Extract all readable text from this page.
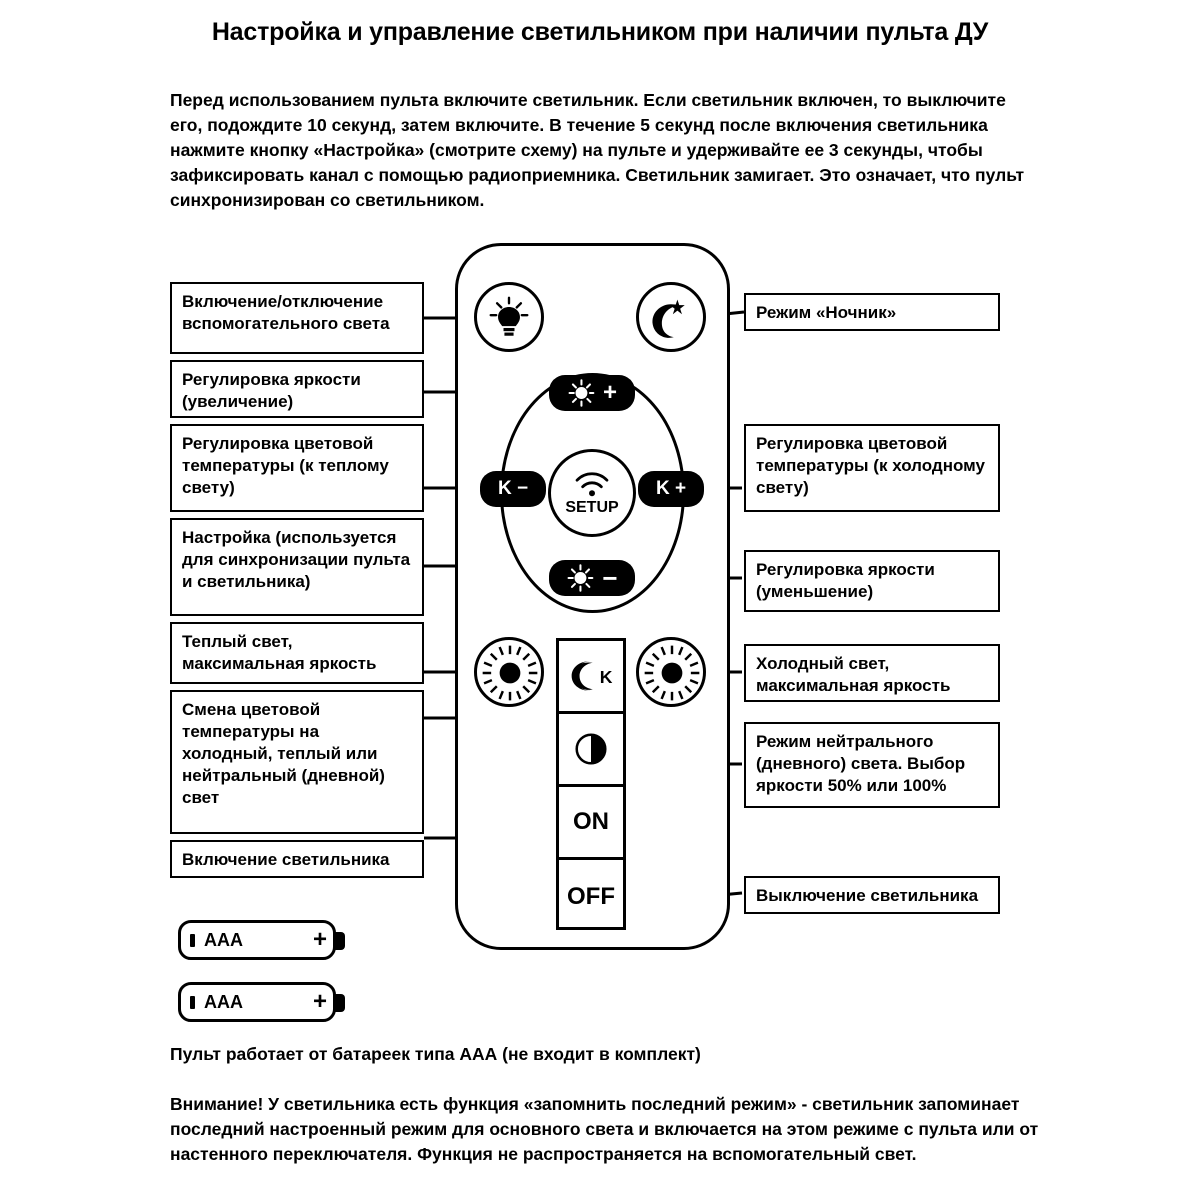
Настройка и управление светильником при наличии пульта ДУ
Перед использованием пульта включите светильник. Если светильник включен, то выключите его, подождите 10 секунд, затем включите. В течение 5 секунд после включения светильника нажмите кнопку «Настройка» (смотрите схему) на пульте и удерживайте ее 3 секунды, чтобы зафиксировать канал с помощью радиоприемника. Светильник замигает. Это означает, что пульт синхронизирован со светильником.
Включение/отключение вспомогательного света
Регулировка яркости (увеличение)
Регулировка цветовой температуры (к теплому свету)
Настройка (используется для синхронизации пульта и светильника)
Теплый свет, максимальная яркость
Смена цветовой температуры на холодный, теплый или нейтральный (дневной) свет
Включение светильника
Режим «Ночник»
Регулировка цветовой температуры (к холодному свету)
Регулировка яркости (уменьшение)
Холодный свет, максимальная яркость
Режим нейтрального (дневного) света. Выбор яркости 50% или 100%
Выключение светильника
+
−
K −	K +
SETUP
K
ON
OFF
AAA	+
AAA	+
Пульт работает от батареек типа ААА (не входит в комплект)
Внимание! У светильника есть функция «запомнить последний режим» - светильник запоминает последний настроенный режим для основного света и включается на этом режиме с пульта или от настенного переключателя. Функция не распространяется на вспомогательный свет.
